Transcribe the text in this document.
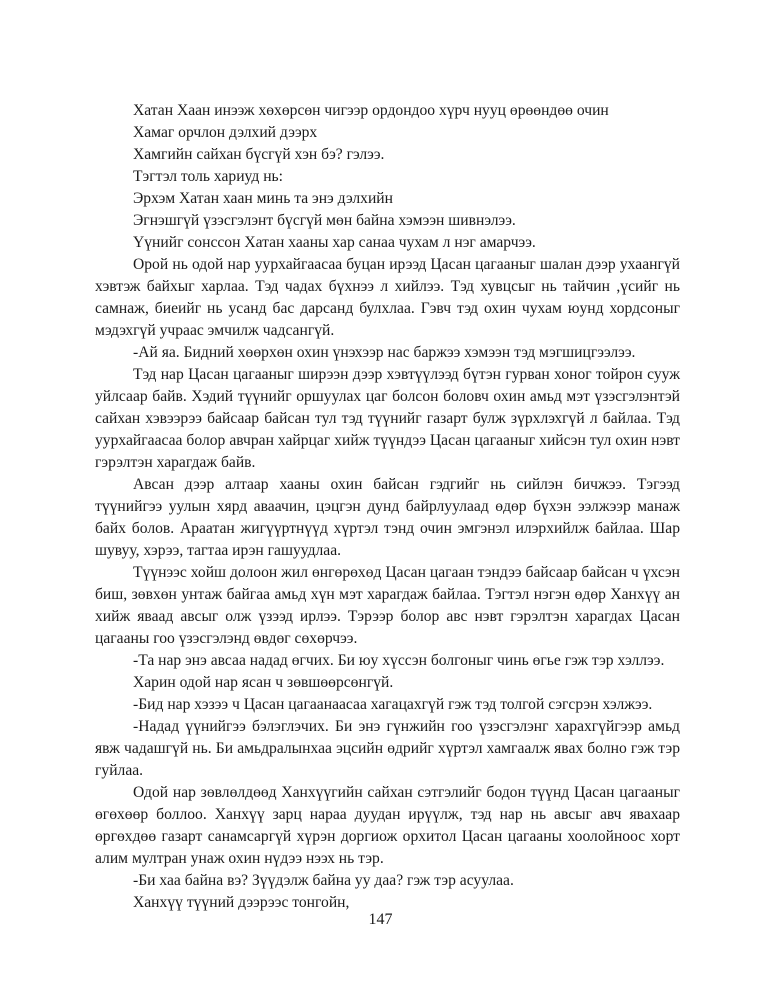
Хатан Хаан инээж хөхөрсөн чигээр ордондоо хүрч нууц өрөөндөө очин
Хамаг орчлон дэлхий дээрх
Хамгийн сайхан бүсгүй хэн бэ? гэлээ.
Тэгтэл толь хариуд нь:
Эрхэм Хатан хаан минь та энэ дэлхийн
Эгнэшгүй үзэсгэлэнт бүсгүй мөн байна хэмээн шивнэлээ.
Үүнийг сонссон Хатан хааны хар санаа чухам л нэг амарчээ.

Орой нь одой нар уурхайгаасаа буцан ирээд Цасан цагааныг шалан дээр ухаангүй хэвтэж байхыг харлаа. Тэд чадах бүхнээ л хийлээ. Тэд хувцсыг нь тайчин ,үсийг нь самнаж, биеийг нь усанд бас дарсанд булхлаа. Гэвч тэд охин чухам юунд хордсоныг мэдэхгүй учраас эмчилж чадсангүй.

-Ай яа. Бидний хөөрхөн охин үнэхээр нас баржээ хэмээн тэд мэгшицгээлээ.

Тэд нар Цасан цагааныг ширээн дээр хэвтүүлээд бүтэн гурван хоног тойрон сууж уйлсаар байв. Хэдий түүнийг оршуулах цаг болсон боловч охин амьд мэт үзэсгэлэнтэй сайхан хэвээрээ байсаар байсан тул тэд түүнийг газарт булж зүрхлэхгүй л байлаа. Тэд уурхайгаасаа болор авчран хайрцаг хийж түүндээ Цасан цагааныг хийсэн тул охин нэвт гэрэлтэн харагдаж байв.

Авсан дээр алтаар хааны охин байсан гэдгийг нь сийлэн бичжээ. Тэгээд түүнийгээ уулын хярд аваачин, цэцгэн дунд байрлуулаад өдөр бүхэн ээлжээр манаж байх болов. Араатан жигүүртнүүд хүртэл тэнд очин эмгэнэл илэрхийлж байлаа. Шар шувуу, хэрээ, тагтаа ирэн гашуудлаа.

Түүнээс хойш долоон жил өнгөрөхөд Цасан цагаан тэндээ байсаар байсан ч үхсэн биш, зөвхөн унтаж байгаа амьд хүн мэт харагдаж байлаа. Тэгтэл нэгэн өдөр Ханхүү ан хийж яваад авсыг олж үзээд ирлээ. Тэрээр болор авс нэвт гэрэлтэн харагдах Цасан цагааны гоо үзэсгэлэнд өвдөг сөхөрчээ.

-Та нар энэ авсаа надад өгчих. Би юу хүссэн болгоныг чинь өгье гэж тэр хэллээ.

Харин одой нар ясан ч зөвшөөрсөнгүй.

-Бид нар хэзээ ч Цасан цагаанаасаа хагацахгүй гэж тэд толгой сэгсрэн хэлжээ.

-Надад үүнийгээ бэлэглэчих. Би энэ гүнжийн гоо үзэсгэлэнг харахгүйгээр амьд явж чадашгүй нь. Би амьдралынхаа эцсийн өдрийг хүртэл хамгаалж явах болно гэж тэр гуйлаа.

Одой нар зөвлөлдөөд Ханхүүгийн сайхан сэтгэлийг бодон түүнд Цасан цагааныг өгөхөөр боллоо. Ханхүү зарц нараа дуудан ирүүлж, тэд нар нь авсыг авч явахаар өргөхдөө газарт санамсаргүй хүрэн доргиож орхитол Цасан цагааны хоолойноос хорт алим мултран унаж охин нүдээ нээх нь тэр.

-Би хаа байна вэ? Зүүдэлж байна уу даа? гэж тэр асуулаа.

Ханхүү түүний дээрээс тонгойн,

147
